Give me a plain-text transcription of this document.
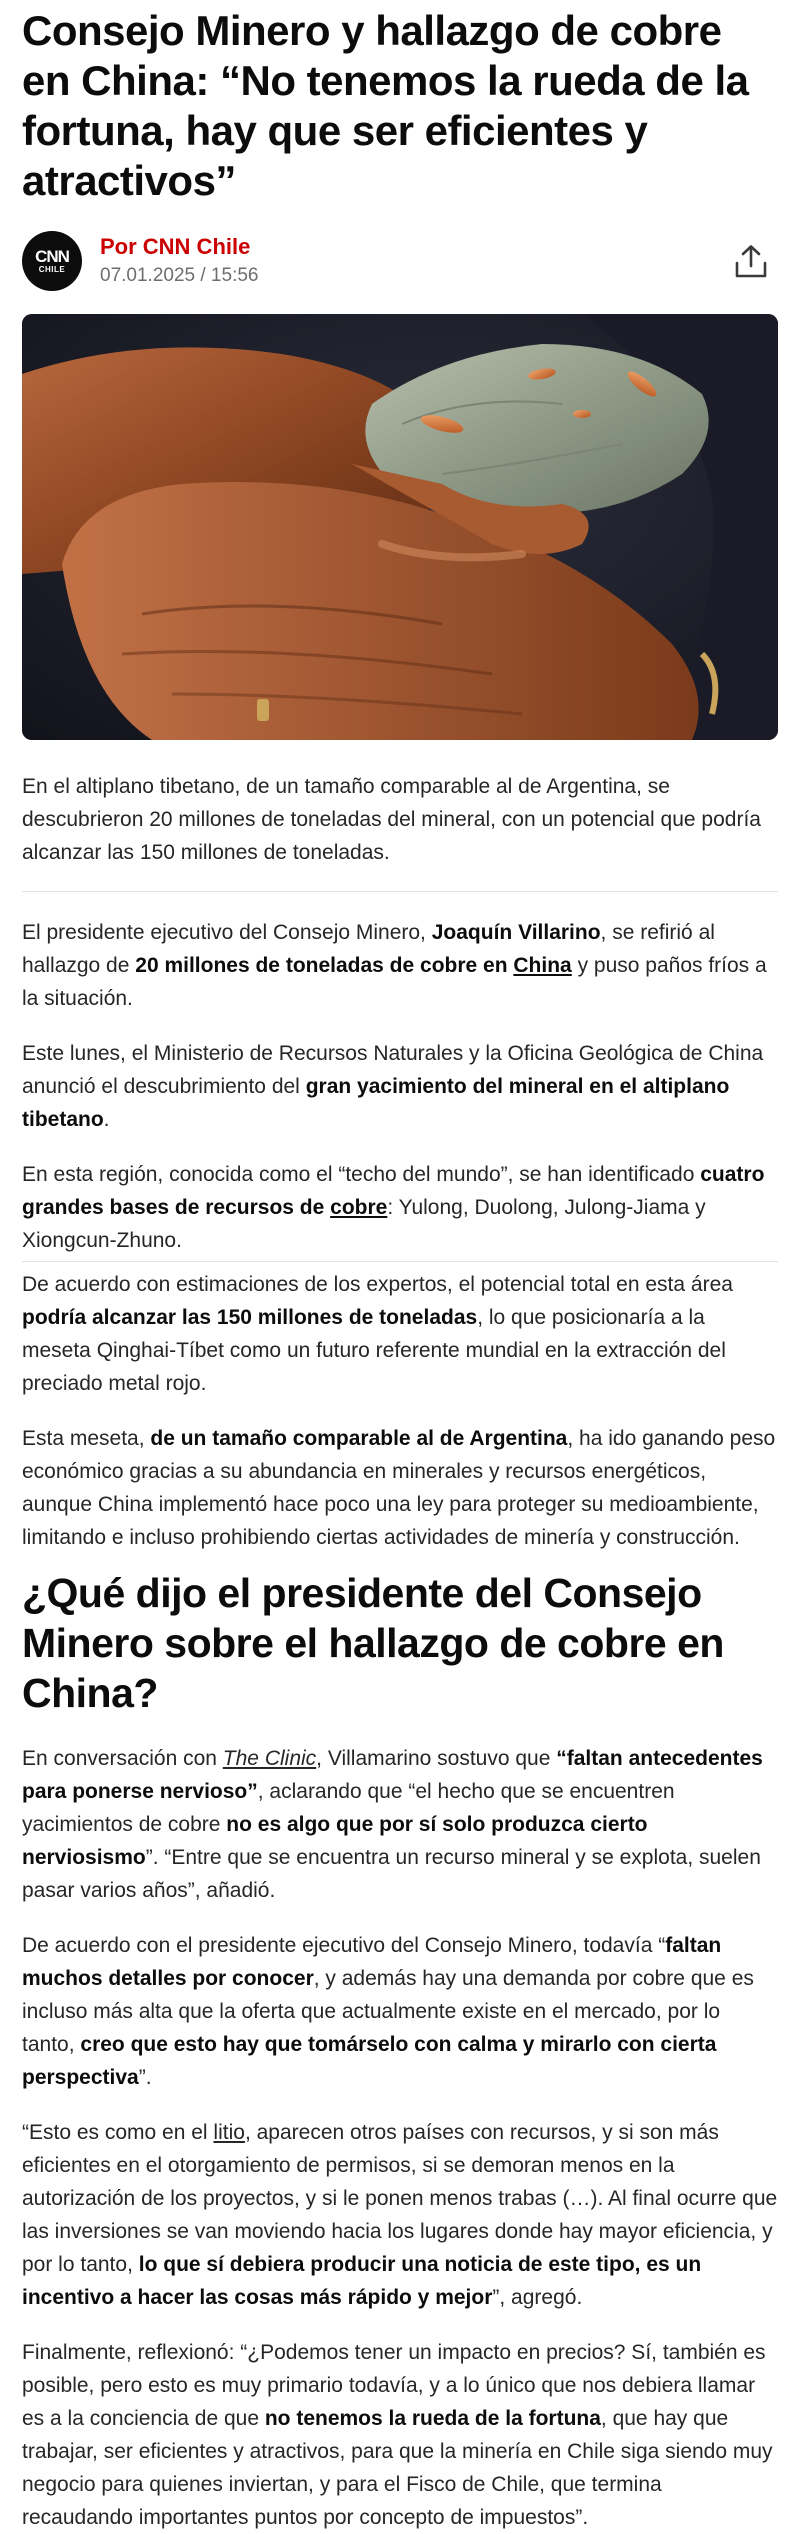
Consejo Minero y hallazgo de cobre en China: “No tenemos la rueda de la fortuna, hay que ser eficientes y atractivos”
CNN
CHILE
Por CNN Chile
07.01.2025 / 15:56

En el altiplano tibetano, de un tamaño comparable al de Argentina, se descubrieron 20 millones de toneladas del mineral, con un potencial que podría alcanzar las 150 millones de toneladas.

El presidente ejecutivo del Consejo Minero, Joaquín Villarino, se refirió al hallazgo de 20 millones de toneladas de cobre en China y puso paños fríos a la situación.

Este lunes, el Ministerio de Recursos Naturales y la Oficina Geológica de China anunció el descubrimiento del gran yacimiento del mineral en el altiplano tibetano.

En esta región, conocida como el “techo del mundo”, se han identificado cuatro grandes bases de recursos de cobre: Yulong, Duolong, Julong-Jiama y Xiongcun-Zhuno.

De acuerdo con estimaciones de los expertos, el potencial total en esta área podría alcanzar las 150 millones de toneladas, lo que posicionaría a la meseta Qinghai-Tíbet como un futuro referente mundial en la extracción del preciado metal rojo.

Esta meseta, de un tamaño comparable al de Argentina, ha ido ganando peso económico gracias a su abundancia en minerales y recursos energéticos, aunque China implementó hace poco una ley para proteger su medioambiente, limitando e incluso prohibiendo ciertas actividades de minería y construcción.

¿Qué dijo el presidente del Consejo Minero sobre el hallazgo de cobre en China?

En conversación con The Clinic, Villamarino sostuvo que “faltan antecedentes para ponerse nervioso”, aclarando que “el hecho que se encuentren yacimientos de cobre no es algo que por sí solo produzca cierto nerviosismo”. “Entre que se encuentra un recurso mineral y se explota, suelen pasar varios años”, añadió.

De acuerdo con el presidente ejecutivo del Consejo Minero, todavía “faltan muchos detalles por conocer, y además hay una demanda por cobre que es incluso más alta que la oferta que actualmente existe en el mercado, por lo tanto, creo que esto hay que tomárselo con calma y mirarlo con cierta perspectiva”.

“Esto es como en el litio, aparecen otros países con recursos, y si son más eficientes en el otorgamiento de permisos, si se demoran menos en la autorización de los proyectos, y si le ponen menos trabas (…). Al final ocurre que las inversiones se van moviendo hacia los lugares donde hay mayor eficiencia, y por lo tanto, lo que sí debiera producir una noticia de este tipo, es un incentivo a hacer las cosas más rápido y mejor”, agregó.

Finalmente, reflexionó: “¿Podemos tener un impacto en precios? Sí, también es posible, pero esto es muy primario todavía, y a lo único que nos debiera llamar es a la conciencia de que no tenemos la rueda de la fortuna, que hay que trabajar, ser eficientes y atractivos, para que la minería en Chile siga siendo muy negocio para quienes inviertan, y para el Fisco de Chile, que termina recaudando importantes puntos por concepto de impuestos”.
